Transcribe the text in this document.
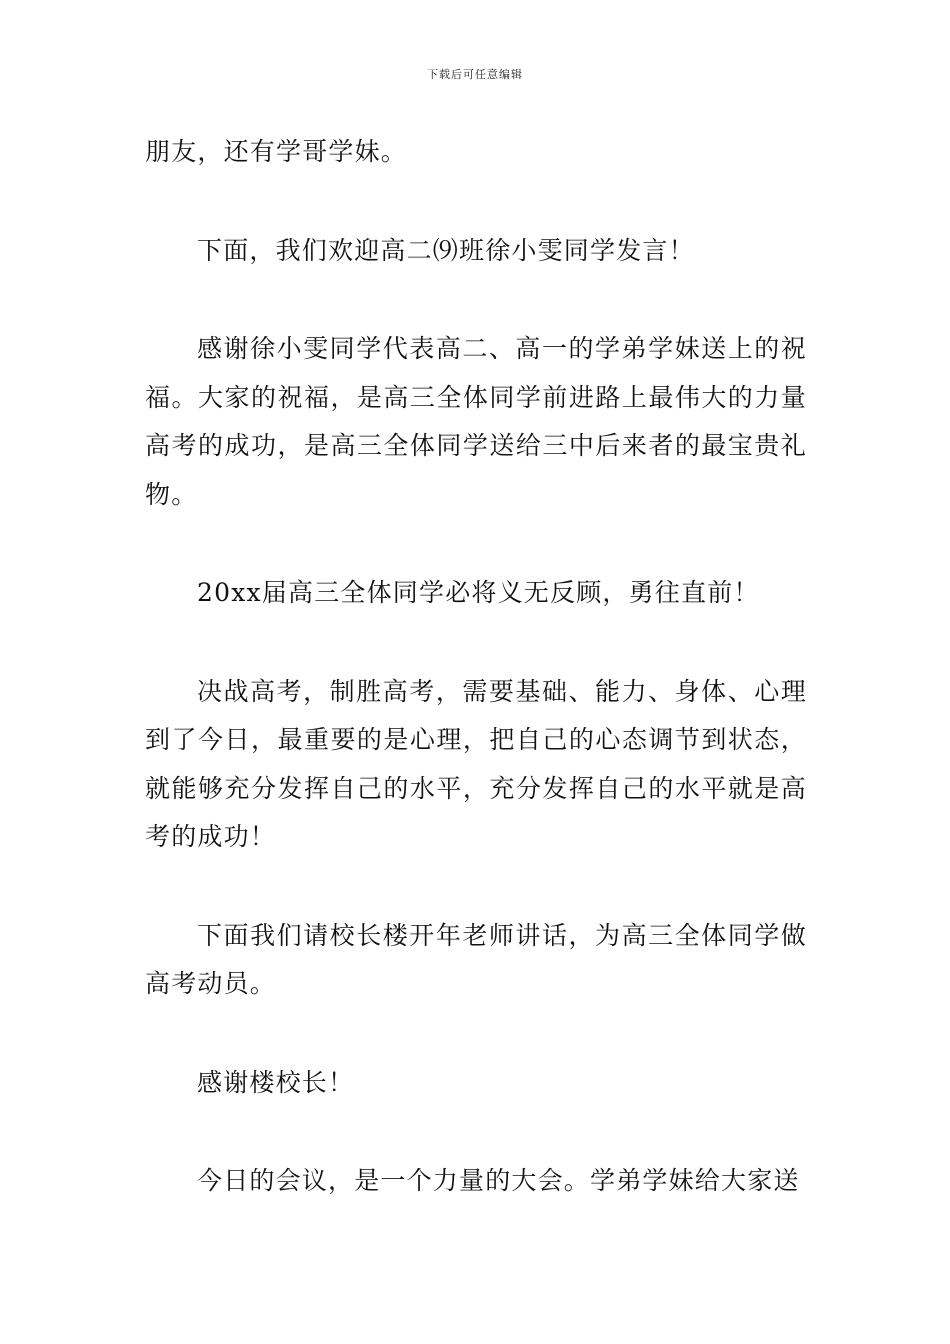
下载后可任意编辑

朋友，还有学哥学妹。

下面，我们欢迎高二⑼班徐小雯同学发言！

感谢徐小雯同学代表高二、高一的学弟学妹送上的祝福。大家的祝福，是高三全体同学前进路上最伟大的力量高考的成功，是高三全体同学送给三中后来者的最宝贵礼物。

20xx届高三全体同学必将义无反顾，勇往直前！

决战高考，制胜高考，需要基础、能力、身体、心理到了今日，最重要的是心理，把自己的心态调节到状态，就能够充分发挥自己的水平，充分发挥自己的水平就是高考的成功！

下面我们请校长楼开年老师讲话，为高三全体同学做高考动员。

感谢楼校长！

今日的会议，是一个力量的大会。学弟学妹给大家送
